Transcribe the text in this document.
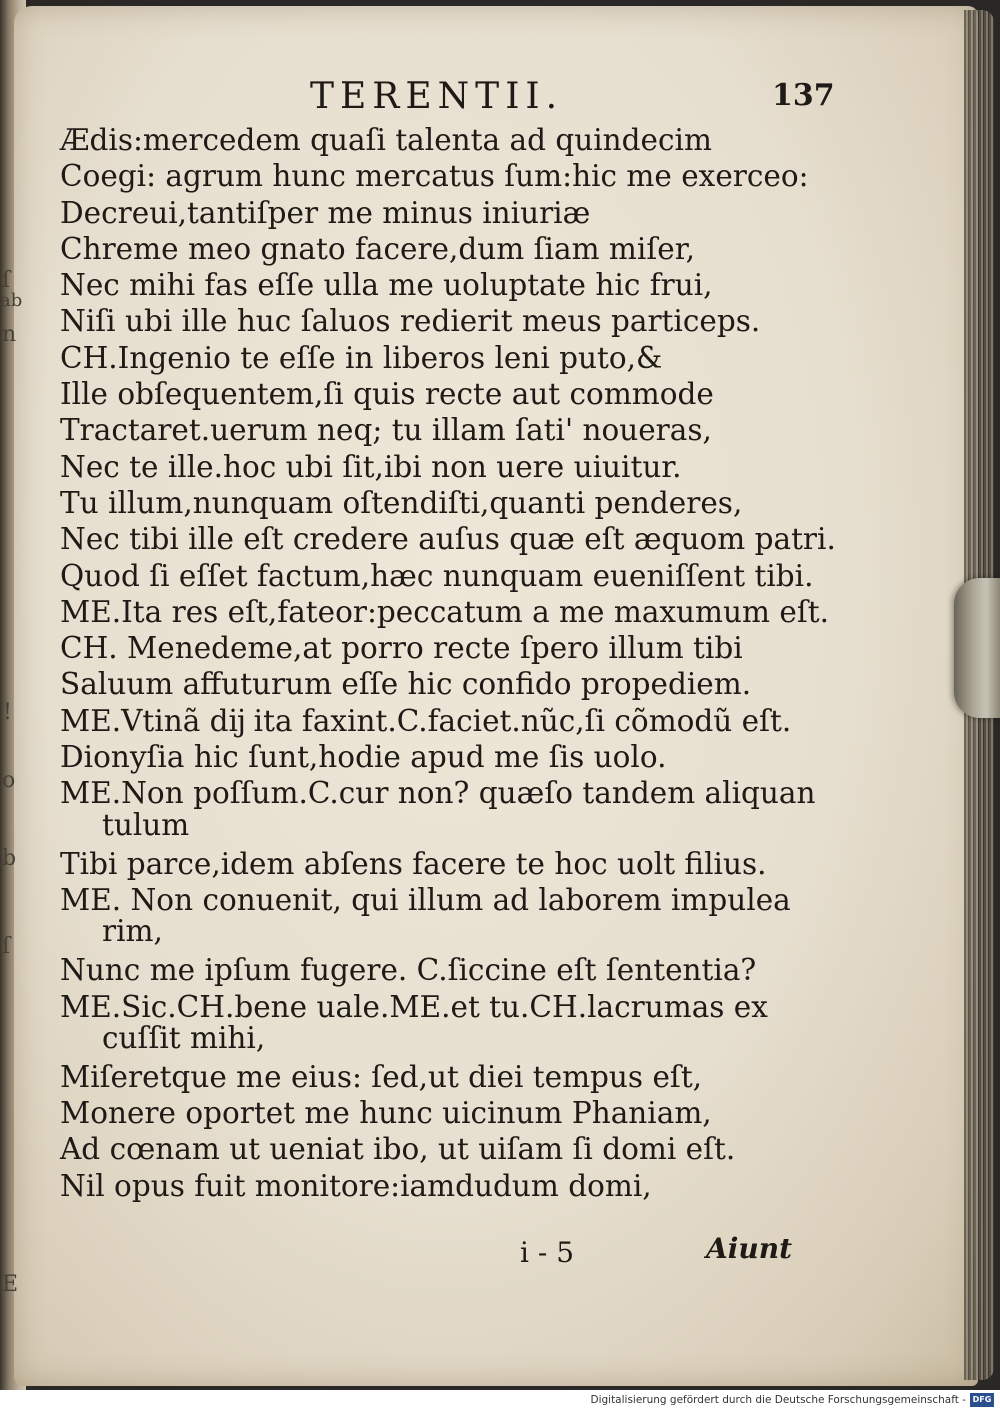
ſ
ab
n
!
o
b
ſ
E
TERENTII.	137
Ædis:mercedem quaſi talenta ad quindecim
Coegi: agrum hunc mercatus ſum:hic me exerceo:
Decreui,tantiſper me minus iniuriæ
Chreme meo gnato facere,dum ſiam miſer,
Nec mihi fas eſſe ulla me uoluptate hic frui,
Niſi ubi ille huc ſaluos redierit meus particeps.
CH.Ingenio te eſſe in liberos leni puto,&
Ille obſequentem,ſi quis recte aut commode
Tractaret.uerum neq; tu illam ſati' noueras,
Nec te ille.hoc ubi ſit,ibi non uere uiuitur.
Tu illum,nunquam oſtendiſti,quanti penderes,
Nec tibi ille eſt credere auſus quæ eſt æquom patri.
Quod ſi eſſet factum,hæc nunquam eueniſſent tibi.
ME.Ita res eſt,fateor:peccatum a me maxumum eſt.
CH. Menedeme,at porro recte ſpero illum tibi
Saluum affuturum eſſe hic confido propediem.
ME.Vtinã dĳ ita faxint.C.faciet.nũc,ſi cõmodũ eſt.
Dionyſia hic ſunt,hodie apud me ſis uolo.
ME.Non poſſum.C.cur non? quæſo tandem aliquan
tulum
Tibi parce,idem abſens facere te hoc uolt filius.
ME. Non conuenit, qui illum ad laborem impulea
rim,
Nunc me ipſum fugere. C.ſiccine eſt ſententia?
ME.Sic.CH.bene uale.ME.et tu.CH.lacrumas ex
cuſſit mihi,
Miſeretque me eius: ſed,ut diei tempus eſt,
Monere oportet me hunc uicinum Phaniam,
Ad cœnam ut ueniat ibo, ut uiſam ſi domi eſt.
Nil opus fuit monitore:iamdudum domi,
i - 5	Aiunt
Digitalisierung gefördert durch die Deutsche Forschungsgemeinschaft - DFG
